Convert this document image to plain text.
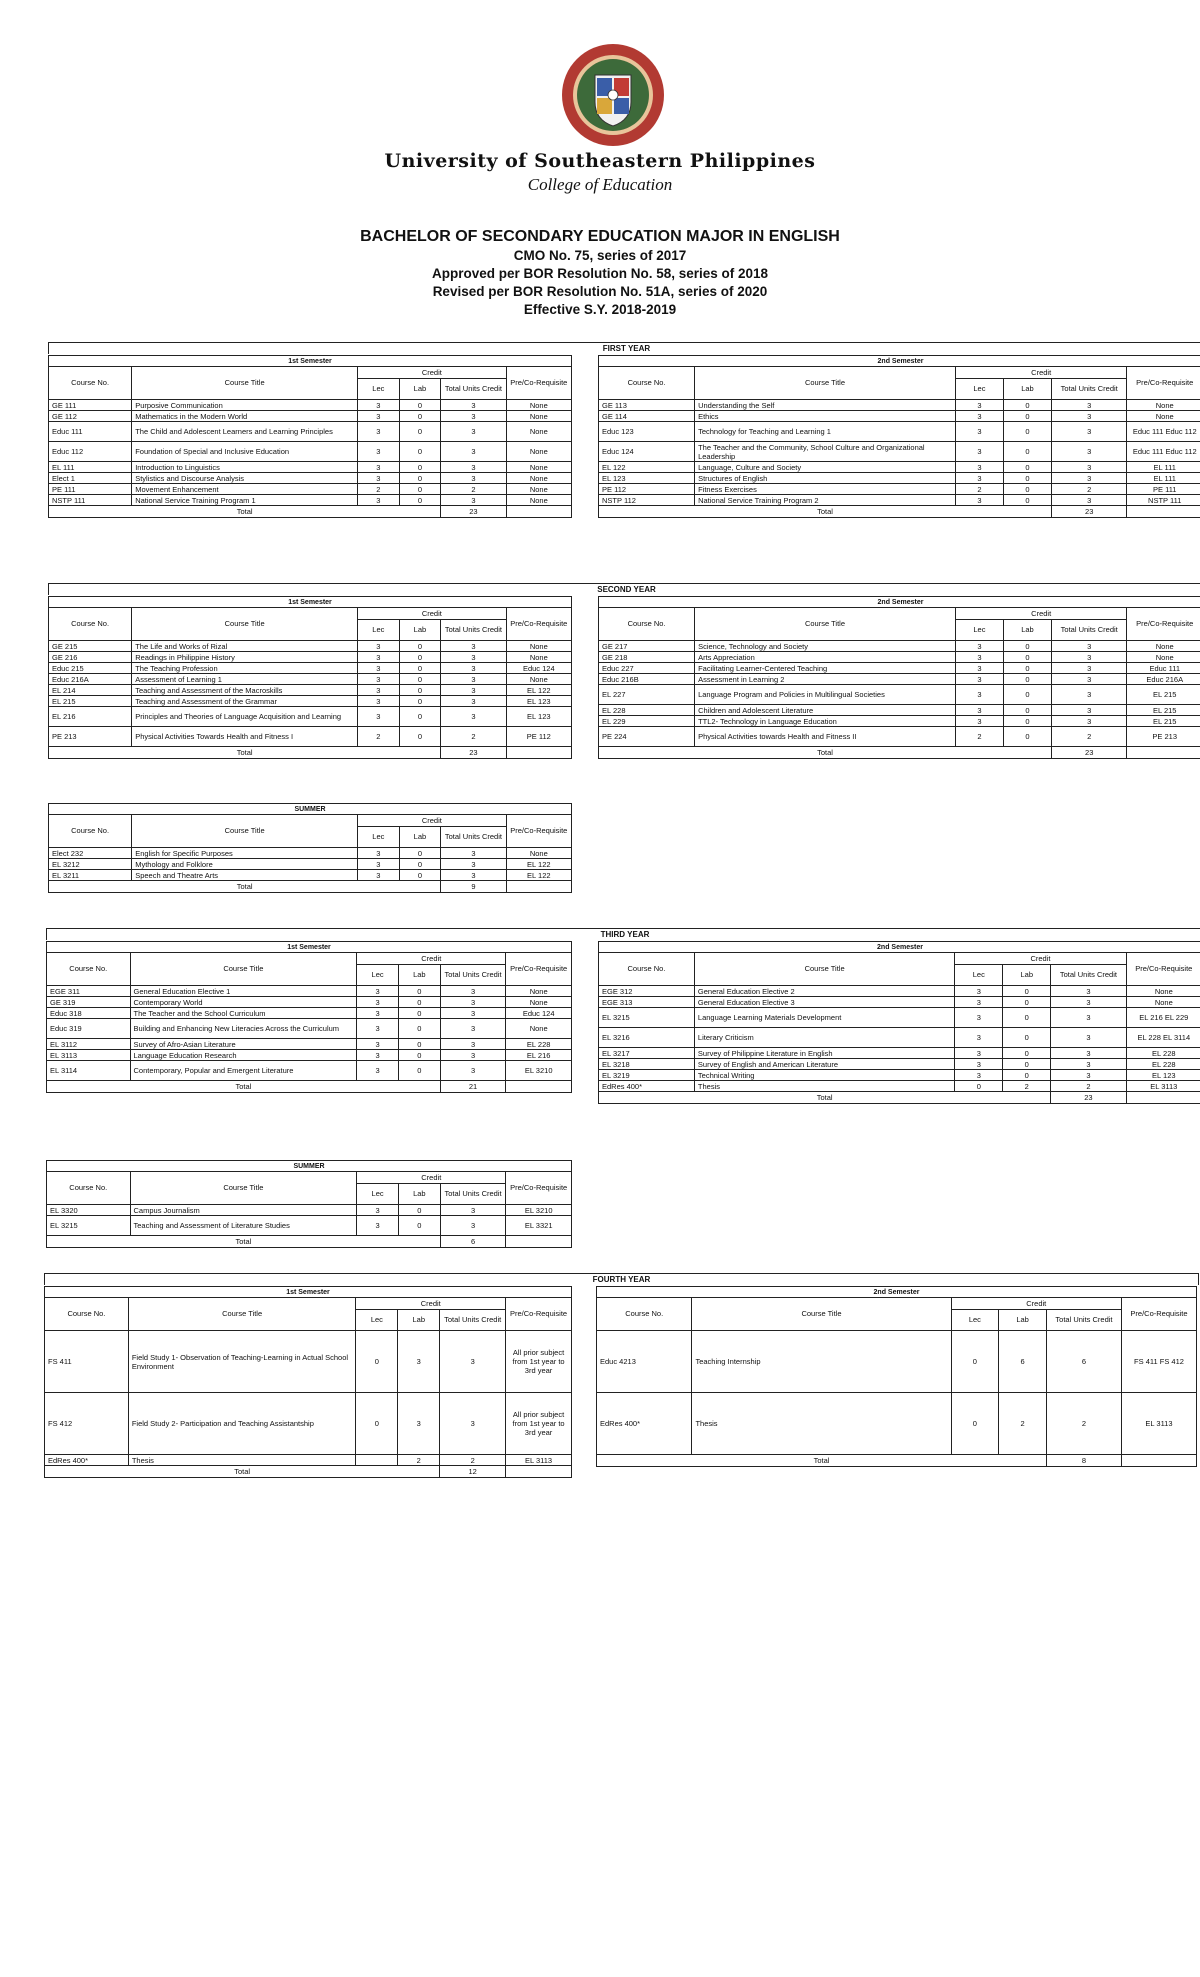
University of Southeastern Philippines
College of Education
BACHELOR OF SECONDARY EDUCATION MAJOR IN ENGLISH
CMO No. 75, series of 2017
Approved per BOR Resolution No. 58, series of 2018
Revised per BOR Resolution No. 51A, series of 2020
Effective S.Y. 2018-2019
FIRST YEAR
SECOND YEAR
THIRD YEAR
FOURTH YEAR
1st Semester					
Course No.	Course Title	Credit			Pre/Co-Requisite
		Lec	Lab	Total Units Credit	
GE 111	Purposive Communication	3	0	3	None
GE 112	Mathematics in the Modern World	3	0	3	None
Educ 111	The Child and Adolescent Learners and Learning Principles	3	0	3	None
Educ 112	Foundation of Special and Inclusive Education	3	0	3	None
EL 111	Introduction to Linguistics	3	0	3	None
Elect 1	Stylistics and Discourse Analysis	3	0	3	None
PE 111	Movement Enhancement	2	0	2	None
NSTP 111	National Service Training Program 1	3	0	3	None
Total				23	
2nd Semester					
Course No.	Course Title	Credit			Pre/Co-Requisite
		Lec	Lab	Total Units Credit	
GE 113	Understanding the Self	3	0	3	None
GE 114	Ethics	3	0	3	None
Educ 123	Technology for Teaching and Learning 1	3	0	3	Educ 111 Educ 112
Educ 124	The Teacher and the Community, School Culture and Organizational Leadership	3	0	3	Educ 111 Educ 112
EL 122	Language, Culture and Society	3	0	3	EL 111
EL 123	Structures of English	3	0	3	EL 111
PE 112	Fitness Exercises	2	0	2	PE 111
NSTP 112	National Service Training Program 2	3	0	3	NSTP 111
Total				23	
1st Semester					
Course No.	Course Title	Credit			Pre/Co-Requisite
		Lec	Lab	Total Units Credit	
GE 215	The Life and Works of Rizal	3	0	3	None
GE 216	Readings in Philippine History	3	0	3	None
Educ 215	The Teaching Profession	3	0	3	Educ 124
Educ 216A	Assessment of Learning 1	3	0	3	None
EL 214	Teaching and Assessment of the Macroskills	3	0	3	EL 122
EL 215	Teaching and Assessment of the Grammar	3	0	3	EL 123
EL 216	Principles and Theories of Language Acquisition and Learning	3	0	3	EL 123
PE 213	Physical Activities Towards Health and Fitness I	2	0	2	PE 112
Total				23	
2nd Semester					
Course No.	Course Title	Credit			Pre/Co-Requisite
		Lec	Lab	Total Units Credit	
GE 217	Science, Technology and Society	3	0	3	None
GE 218	Arts Appreciation	3	0	3	None
Educ 227	Facilitating Learner-Centered Teaching	3	0	3	Educ 111
Educ 216B	Assessment in Learning 2	3	0	3	Educ 216A
EL 227	Language Program and Policies in Multilingual Societies	3	0	3	EL 215
EL 228	Children and Adolescent Literature	3	0	3	EL 215
EL 229	TTL2- Technology in Language Education	3	0	3	EL 215
PE 224	Physical Activities towards Health and Fitness II	2	0	2	PE 213
Total				23	
SUMMER					
Course No.	Course Title	Credit			Pre/Co-Requisite
		Lec	Lab	Total Units Credit	
Elect 232	English for Specific Purposes	3	0	3	None
EL 3212	Mythology and Folklore	3	0	3	EL 122
EL 3211	Speech and Theatre Arts	3	0	3	EL 122
Total				9	
1st Semester					
Course No.	Course Title	Credit			Pre/Co-Requisite
		Lec	Lab	Total Units Credit	
EGE 311	General Education Elective 1	3	0	3	None
GE 319	Contemporary World	3	0	3	None
Educ 318	The Teacher and the School Curriculum	3	0	3	Educ 124
Educ 319	Building and Enhancing New Literacies Across the Curriculum	3	0	3	None
EL 3112	Survey of Afro-Asian Literature	3	0	3	EL 228
EL 3113	Language Education Research	3	0	3	EL 216
EL 3114	Contemporary, Popular and Emergent Literature	3	0	3	EL 3210
Total				21	
2nd Semester					
Course No.	Course Title	Credit			Pre/Co-Requisite
		Lec	Lab	Total Units Credit	
EGE 312	General Education Elective 2	3	0	3	None
EGE 313	General Education Elective 3	3	0	3	None
EL 3215	Language Learning Materials Development	3	0	3	EL 216 EL 229
EL 3216	Literary Criticism	3	0	3	EL 228 EL 3114
EL 3217	Survey of Philippine Literature in English	3	0	3	EL 228
EL 3218	Survey of English and American Literature	3	0	3	EL 228
EL 3219	Technical Writing	3	0	3	EL 123
EdRes 400*	Thesis	0	2	2	EL 3113
Total				23	
SUMMER					
Course No.	Course Title	Credit			Pre/Co-Requisite
		Lec	Lab	Total Units Credit	
EL 3320	Campus Journalism	3	0	3	EL 3210
EL 3215	Teaching and Assessment of Literature Studies	3	0	3	EL 3321
Total				6	
1st Semester					
Course No.	Course Title	Credit			Pre/Co-Requisite
		Lec	Lab	Total Units Credit	
FS 411	Field Study 1- Observation of Teaching-Learning in Actual School Environment	0	3	3	All prior subject from 1st year to 3rd year
FS 412	Field Study 2- Participation and Teaching Assistantship	0	3	3	All prior subject from 1st year to 3rd year
EdRes 400*	Thesis		2	2	EL 3113
Total				12	
2nd Semester					
Course No.	Course Title	Credit			Pre/Co-Requisite
		Lec	Lab	Total Units Credit	
Educ 4213	Teaching Internship	0	6	6	FS 411 FS 412
EdRes 400*	Thesis	0	2	2	EL 3113
Total				8	
